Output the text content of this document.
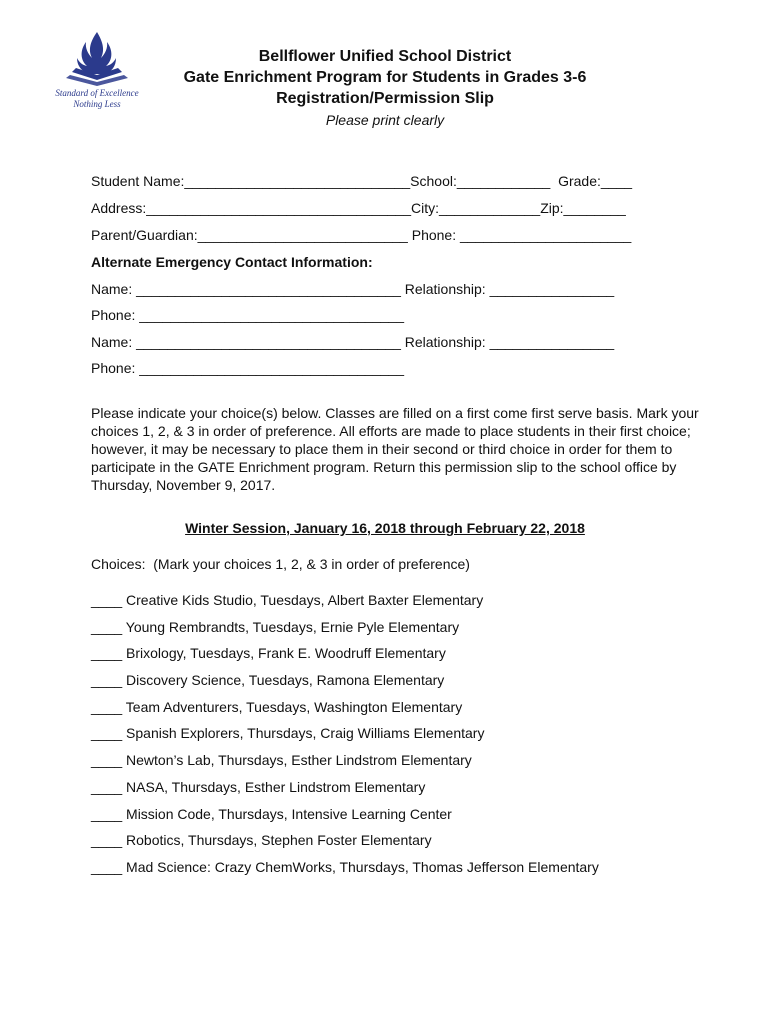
Standard of Excellence
Nothing Less
Bellflower Unified School District
Gate Enrichment Program for Students in Grades 3-6
Registration/Permission Slip
Please print clearly
Student Name:_____________________________School:____________  Grade:____
Address:__________________________________City:_____________Zip:________
Parent/Guardian:___________________________ Phone: ______________________
Alternate Emergency Contact Information:
Name: __________________________________ Relationship: ________________
Phone: __________________________________
Name: __________________________________ Relationship: ________________
Phone: __________________________________
Please indicate your choice(s) below. Classes are filled on a first come first serve basis. Mark your choices 1, 2, & 3 in order of preference. All efforts are made to place students in their first choice; however, it may be necessary to place them in their second or third choice in order for them to participate in the GATE Enrichment program. Return this permission slip to the school office by Thursday, November 9, 2017.
Winter Session, January 16, 2018 through February 22, 2018
Choices:  (Mark your choices 1, 2, & 3 in order of preference)
____ Creative Kids Studio, Tuesdays, Albert Baxter Elementary
____ Young Rembrandts, Tuesdays, Ernie Pyle Elementary
____ Brixology, Tuesdays, Frank E. Woodruff Elementary
____ Discovery Science, Tuesdays, Ramona Elementary
____ Team Adventurers, Tuesdays, Washington Elementary
____ Spanish Explorers, Thursdays, Craig Williams Elementary
____ Newton’s Lab, Thursdays, Esther Lindstrom Elementary
____ NASA, Thursdays, Esther Lindstrom Elementary
____ Mission Code, Thursdays, Intensive Learning Center
____ Robotics, Thursdays, Stephen Foster Elementary
____ Mad Science: Crazy ChemWorks, Thursdays, Thomas Jefferson Elementary
